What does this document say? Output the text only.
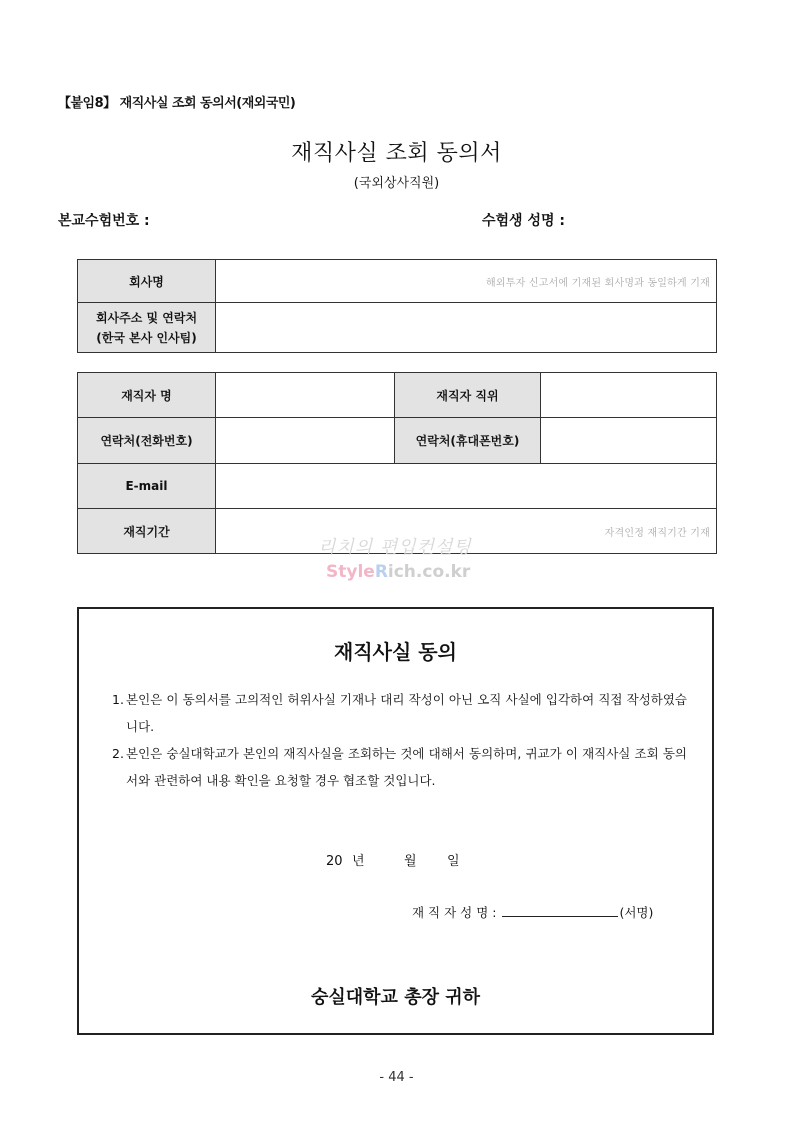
【붙임8】 재직사실 조회 동의서(재외국민)
재직사실 조회 동의서
(국외상사직원)
본교수험번호 :	수험생 성명 :
회사명	해외투자 신고서에 기재된 회사명과 동일하게 기재

회사주소 및 연락처
(한국 본사 인사팀)	

재직자 명		재직자 직위	
연락처(전화번호)		연락처(휴대폰번호)	
E-mail			
재직기간	자격인정 재직기간 기재		
리치의 편입컨설팅
StyleRich.co.kr
재직사실 동의
1. 본인은 이 동의서를 고의적인 허위사실 기재나 대리 작성이 아닌 오직 사실에 입각하여 직접 작성하였습니다.
2. 본인은 숭실대학교가 본인의 재직사실을 조회하는 것에 대해서 동의하며, 귀교가 이 재직사실 조회 동의서와 관련하여 내용 확인을 요청할 경우 협조할 것입니다.
20 년	월 일
재 직 자 성 명 :	(서명)
숭실대학교 총장 귀하
- 44 -
